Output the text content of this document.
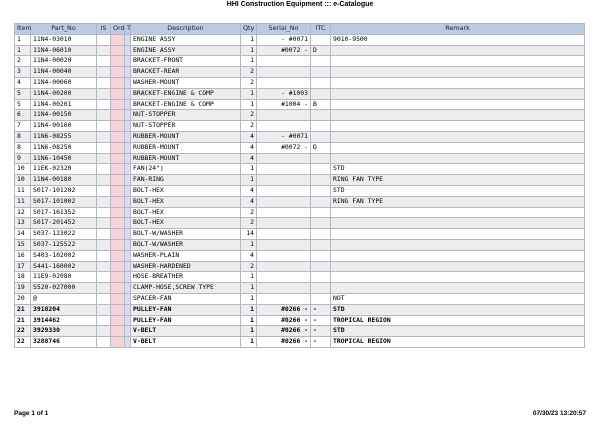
HHI Construction Equipment ::: e-Catalogue
Item	Part_No	IS	Ord	T	Description	Qty	Serial_No	ITC	Remark
1	11N4-03010				ENGINE ASSY	1	- #0071		9010-9500
1	11N4-06010				ENGINE ASSY	1	#0072 -	D	
2	11N4-00020				BRACKET-FRONT	1			
3	11N4-00040				BRACKET-REAR	2			
4	11N4-00060				WASHER-MOUNT	2			
5	11N4-00200				BRACKET-ENGINE & COMP	1	- #1003		
5	11N4-00201				BRACKET-ENGINE & COMP	1	#1004 -	B	
6	11N4-00150				NUT-STOPPER	2			
7	11N4-00160				NUT-STOPPER	2			
8	11N6-08255				RUBBER-MOUNT	4	- #0071		
8	11N6-08250				RUBBER-MOUNT	4	#0072 -	D	
9	11N6-10450				RUBBER-MOUNT	4			
10	11EK-02320				FAN(24")	1			STD
10	11N4-00180				FAN-RING	1			RING FAN TYPE
11	S017-101202				BOLT-HEX	4			STD
11	S017-101002				BOLT-HEX	4			RING FAN TYPE
12	S017-161352				BOLT-HEX	2			
13	S017-201452				BOLT-HEX	2			
14	S037-123022				BOLT-W/WASHER	14			
15	S037-125522				BOLT-W/WASHER	1			
16	S403-102002				WASHER-PLAIN	4			
17	S441-160002				WASHER-HARDENED	2			
18	11E9-02080				HOSE-BREATHER	1			
19	S520-027000				CLAMP-HOSE,SCREW TYPE	1			
20	@				SPACER-FAN	1			NOT
21	3918204				PULLEY-FAN	1	#0266 -	-	STD
21	3914462				PULLEY-FAN	1	#0266 -	-	TROPICAL REGION
22	3929330				V-BELT	1	#0266 -	-	STD
22	3288746				V-BELT	1	#0266 -	-	TROPICAL REGION
Page 1 of 1	07/30/23 13:20:57
